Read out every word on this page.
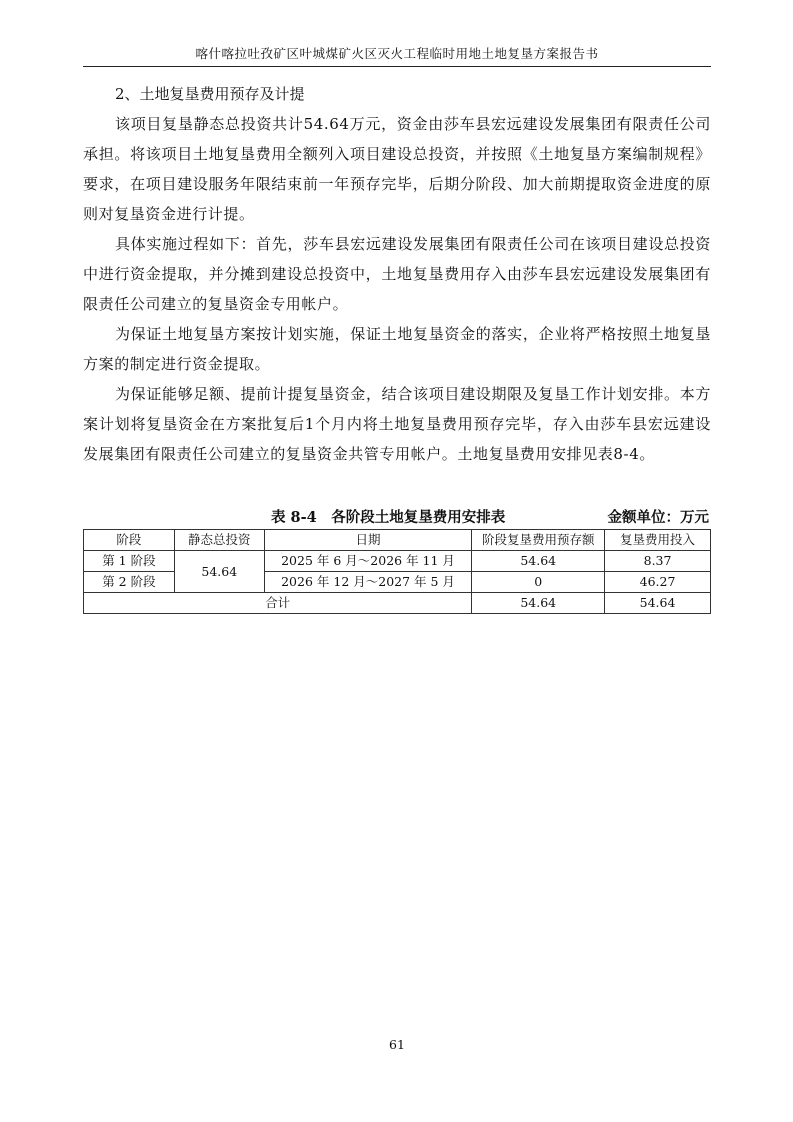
喀什喀拉吐孜矿区叶城煤矿火区灭火工程临时用地土地复垦方案报告书

2、土地复垦费用预存及计提

该项目复垦静态总投资共计54.64万元，资金由莎车县宏远建设发展集团有限责任公司承担。将该项目土地复垦费用全额列入项目建设总投资，并按照《土地复垦方案编制规程》要求，在项目建设服务年限结束前一年预存完毕，后期分阶段、加大前期提取资金进度的原则对复垦资金进行计提。

具体实施过程如下：首先，莎车县宏远建设发展集团有限责任公司在该项目建设总投资中进行资金提取，并分摊到建设总投资中，土地复垦费用存入由莎车县宏远建设发展集团有限责任公司建立的复垦资金专用帐户。

为保证土地复垦方案按计划实施，保证土地复垦资金的落实，企业将严格按照土地复垦方案的制定进行资金提取。

为保证能够足额、提前计提复垦资金，结合该项目建设期限及复垦工作计划安排。本方案计划将复垦资金在方案批复后1个月内将土地复垦费用预存完毕，存入由莎车县宏远建设发展集团有限责任公司建立的复垦资金共管专用帐户。土地复垦费用安排见表8-4。

表 8-4　各阶段土地复垦费用安排表	金额单位：万元
阶段	静态总投资	日期	阶段复垦费用预存额	复垦费用投入
第 1 阶段	54.64	2025 年 6 月～2026 年 11 月	54.64	8.37
第 2 阶段		2026 年 12 月～2027 年 5 月	0	46.27
合计			54.64	54.64
61
